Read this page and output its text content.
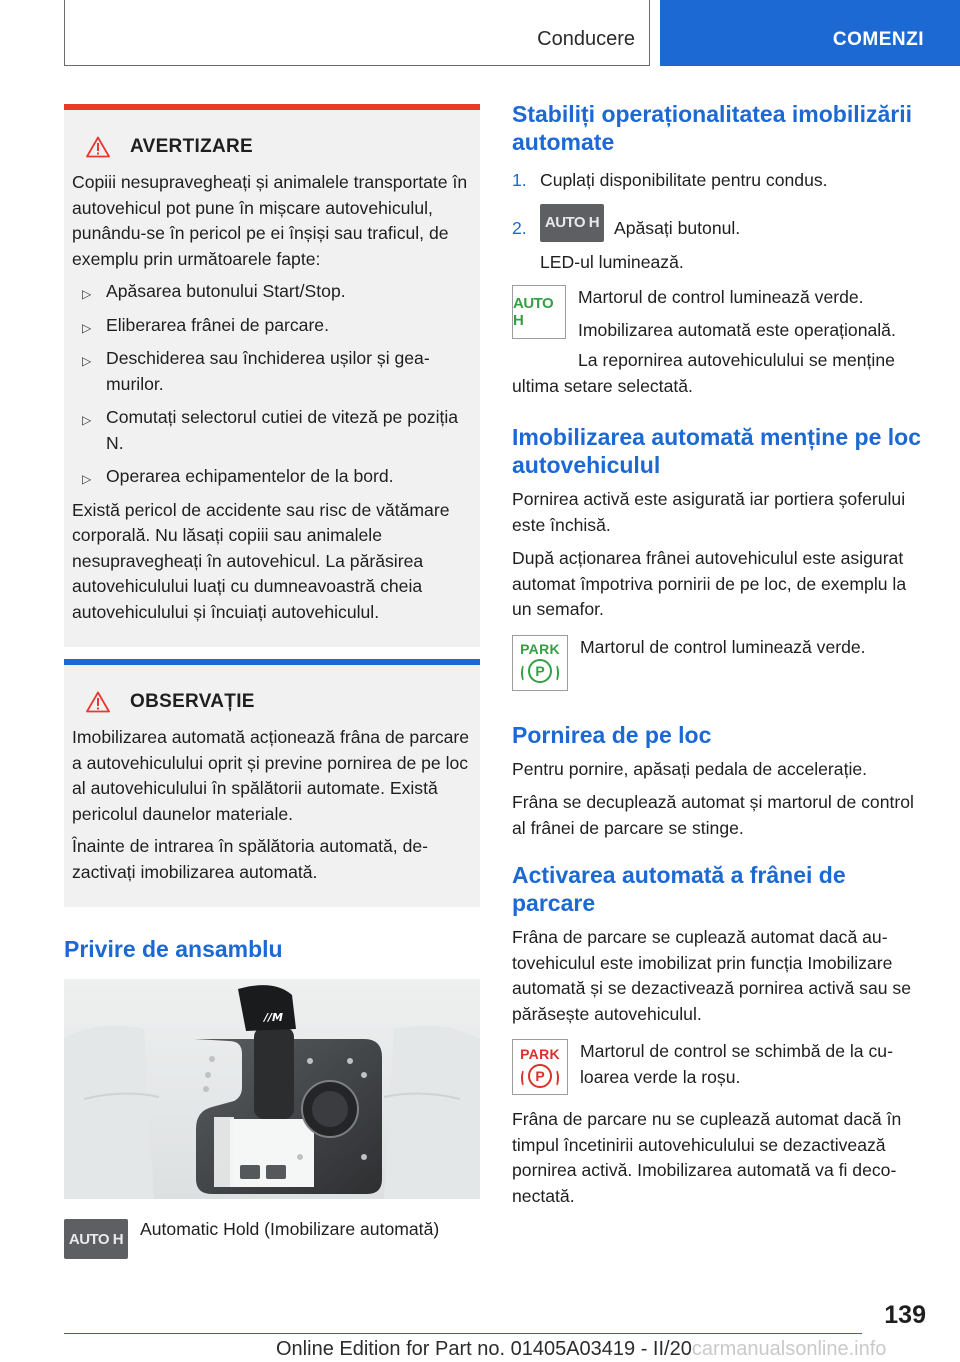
Conducere	COMENZI
AVERTIZARE
Copiii nesupravegheați și animalele transportate în autovehicul pot pune în mișcare autovehiculul, punându-se în pericol pe ei înșiși sau traficul, de exemplu prin următoarele fapte:
▷ Apăsarea butonului Start/Stop.
▷ Eliberarea frânei de parcare.
▷ Deschiderea sau închiderea ușilor și geamurilor.
▷ Comutați selectorul cutiei de viteză pe poziția N.
▷ Operarea echipamentelor de la bord.
Există pericol de accidente sau risc de vătămare corporală. Nu lăsați copiii sau animalele nesupravegheați în autovehicul. La părăsirea autovehiculului luați cu dumneavoastră cheia autovehiculului și încuiați autovehiculul.
OBSERVAȚIE
Imobilizarea automată acționează frâna de parcare a autovehiculului oprit și previne pornirea de pe loc al autovehiculului în spălătorii automate. Există pericolul daunelor materiale.
Înainte de intrarea în spălătoria automată, dezactivați imobilizarea automată.
Privire de ansamblu
//M
AUTO H Automatic Hold (Imobilizare automată)
Stabiliți operaționalitatea imobilizării automate
1. Cuplați disponibilitate pentru condus.
2.	AUTO H Apăsați butonul.
LED-ul luminează.
AUTO H
Martorul de control luminează verde.
Imobilizarea automată este operațională.
La repornirea autovehiculului se menține ultima setare selectată.
Imobilizarea automată menține pe loc autovehiculul
Pornirea activă este asigurată iar portiera șoferului este închisă.
După acționarea frânei autovehiculul este asigurat automat împotriva pornirii de pe loc, de exemplu la un semafor.
PARK
P
Martorul de control luminează verde.
Pornirea de pe loc
Pentru pornire, apăsați pedala de accelerație.
Frâna se decuplează automat și martorul de control al frânei de parcare se stinge.
Activarea automată a frânei de parcare
Frâna de parcare se cuplează automat dacă autovehiculul este imobilizat prin funcția Imobilizare automată și se dezactivează pornirea activă sau se părăsește autovehiculul.
PARK
P
Martorul de control se schimbă de la culoarea verde la roșu.
Frâna de parcare nu se cuplează automat dacă în timpul încetinirii autovehiculului se dezactivează pornirea activă. Imobilizarea automată va fi deconectată.
139
Online Edition for Part no. 01405A03419 - II/20carmanualsonline.info
